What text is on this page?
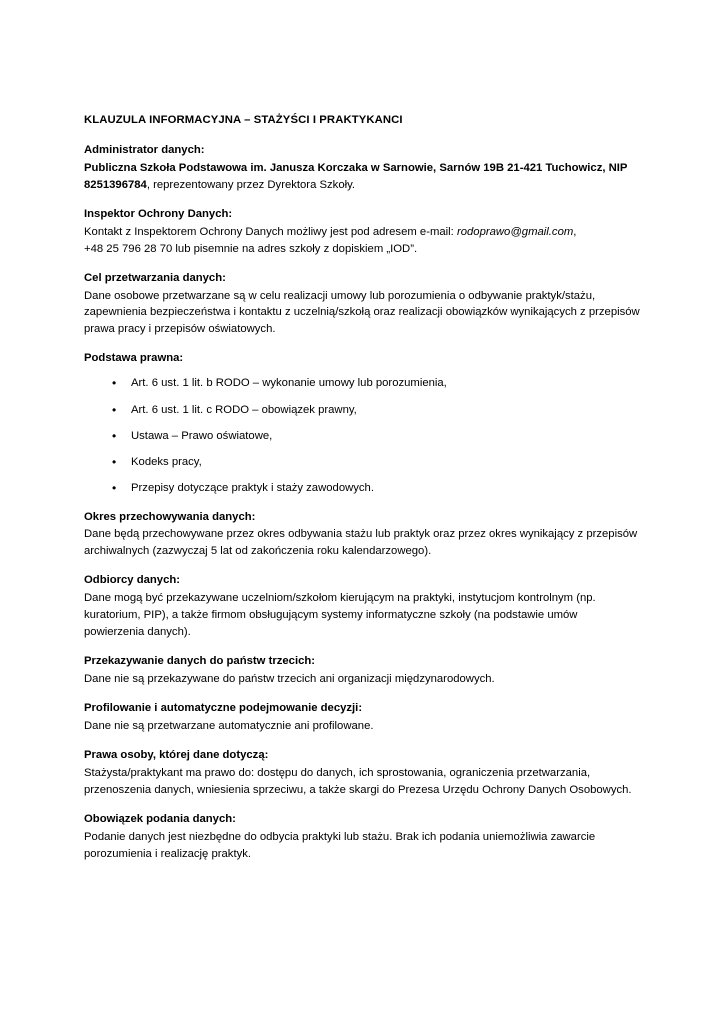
KLAUZULA INFORMACYJNA – STAŻYŚCI I PRAKTYKANCI

Administrator danych:

Publiczna Szkoła Podstawowa im. Janusza Korczaka w Sarnowie, Sarnów 19B 21-421 Tuchowicz, NIP 8251396784, reprezentowany przez Dyrektora Szkoły.

Inspektor Ochrony Danych:

Kontakt z Inspektorem Ochrony Danych możliwy jest pod adresem e-mail: rodoprawo@gmail.com,

+48 25 796 28 70 lub pisemnie na adres szkoły z dopiskiem „IOD”.

Cel przetwarzania danych:

Dane osobowe przetwarzane są w celu realizacji umowy lub porozumienia o odbywanie praktyk/stażu, zapewnienia bezpieczeństwa i kontaktu z uczelnią/szkołą oraz realizacji obowiązków wynikających z przepisów prawa pracy i przepisów oświatowych.

Podstawa prawna:

• Art. 6 ust. 1 lit. b RODO – wykonanie umowy lub porozumienia,
• Art. 6 ust. 1 lit. c RODO – obowiązek prawny,
• Ustawa – Prawo oświatowe,
• Kodeks pracy,
• Przepisy dotyczące praktyk i staży zawodowych.

Okres przechowywania danych:

Dane będą przechowywane przez okres odbywania stażu lub praktyk oraz przez okres wynikający z przepisów archiwalnych (zazwyczaj 5 lat od zakończenia roku kalendarzowego).

Odbiorcy danych:

Dane mogą być przekazywane uczelniom/szkołom kierującym na praktyki, instytucjom kontrolnym (np. kuratorium, PIP), a także firmom obsługującym systemy informatyczne szkoły (na podstawie umów powierzenia danych).

Przekazywanie danych do państw trzecich:

Dane nie są przekazywane do państw trzecich ani organizacji międzynarodowych.

Profilowanie i automatyczne podejmowanie decyzji:

Dane nie są przetwarzane automatycznie ani profilowane.

Prawa osoby, której dane dotyczą:

Stażysta/praktykant ma prawo do: dostępu do danych, ich sprostowania, ograniczenia przetwarzania, przenoszenia danych, wniesienia sprzeciwu, a także skargi do Prezesa Urzędu Ochrony Danych Osobowych.

Obowiązek podania danych:

Podanie danych jest niezbędne do odbycia praktyki lub stażu. Brak ich podania uniemożliwia zawarcie porozumienia i realizację praktyk.
